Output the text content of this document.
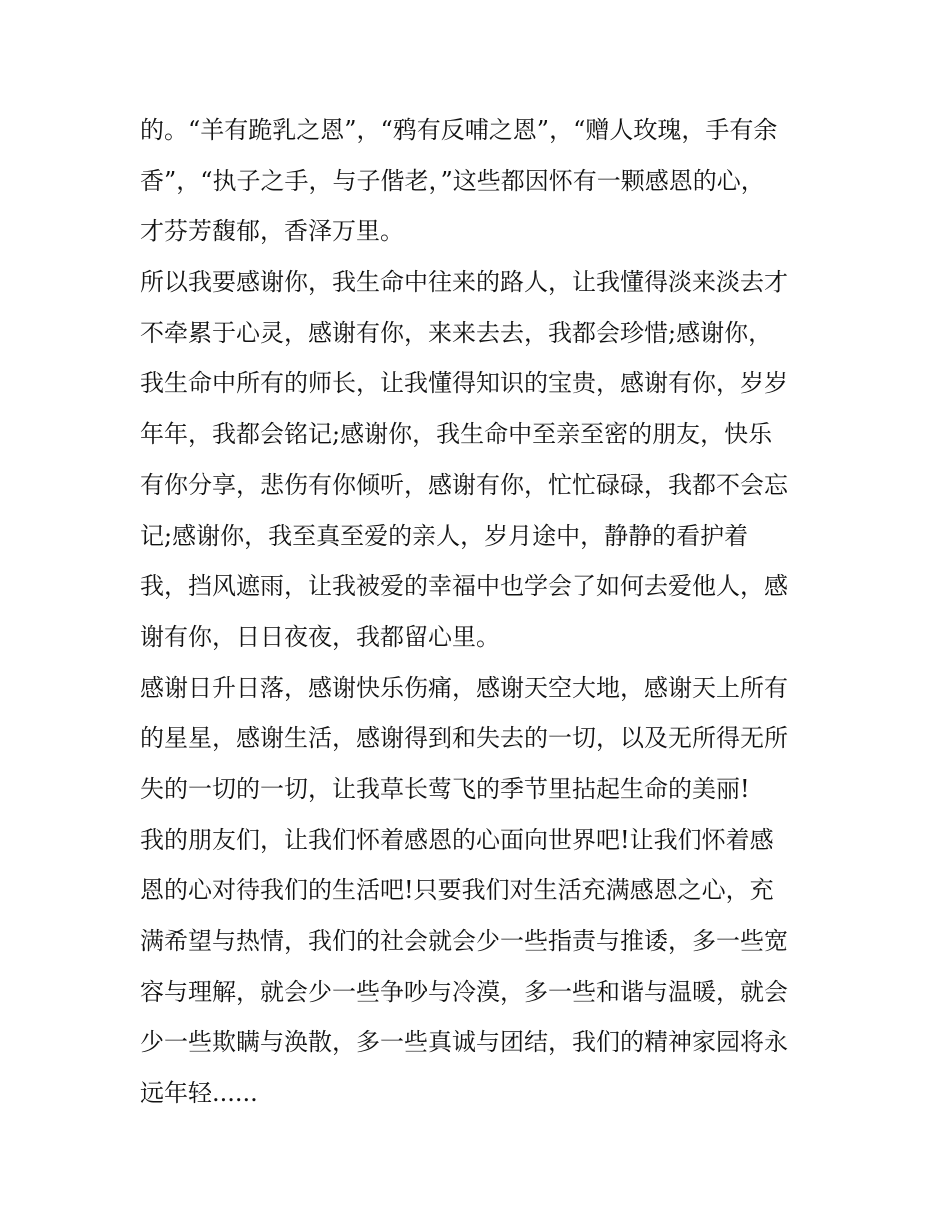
的。“羊有跪乳之恩”，“鸦有反哺之恩”，“赠人玫瑰，手有余
香”，“执子之手，与子偕老，”这些都因怀有一颗感恩的心，
才芬芳馥郁，香泽万里。
所以我要感谢你，我生命中往来的路人，让我懂得淡来淡去才
不牵累于心灵，感谢有你，来来去去，我都会珍惜;感谢你，
我生命中所有的师长，让我懂得知识的宝贵，感谢有你，岁岁
年年，我都会铭记;感谢你，我生命中至亲至密的朋友，快乐
有你分享，悲伤有你倾听，感谢有你，忙忙碌碌，我都不会忘
记;感谢你，我至真至爱的亲人，岁月途中，静静的看护着
我，挡风遮雨，让我被爱的幸福中也学会了如何去爱他人，感
谢有你，日日夜夜，我都留心里。
感谢日升日落，感谢快乐伤痛，感谢天空大地，感谢天上所有
的星星，感谢生活，感谢得到和失去的一切，以及无所得无所
失的一切的一切，让我草长莺飞的季节里拈起生命的美丽!
我的朋友们，让我们怀着感恩的心面向世界吧!让我们怀着感
恩的心对待我们的生活吧!只要我们对生活充满感恩之心，充
满希望与热情，我们的社会就会少一些指责与推诿，多一些宽
容与理解，就会少一些争吵与冷漠，多一些和谐与温暖，就会
少一些欺瞒与涣散，多一些真诚与团结，我们的精神家园将永
远年轻......
